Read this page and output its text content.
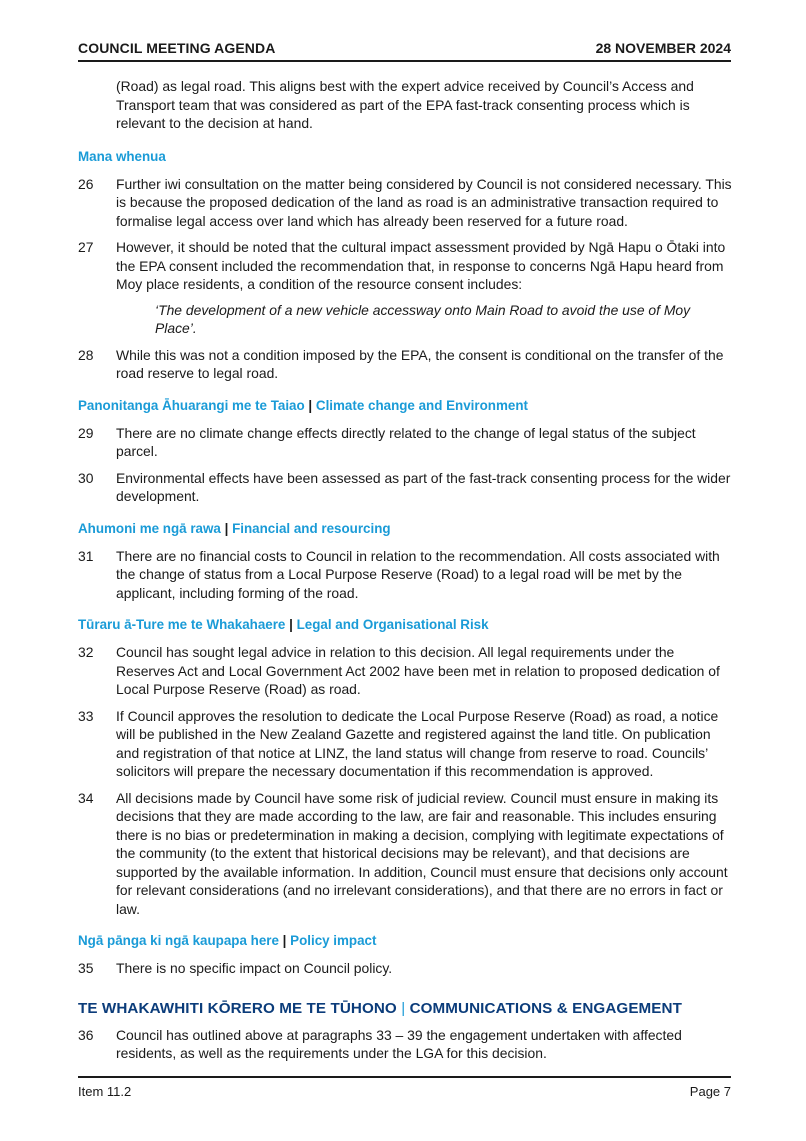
COUNCIL MEETING AGENDA	28 NOVEMBER 2024
(Road) as legal road. This aligns best with the expert advice received by Council’s Access and Transport team that was considered as part of the EPA fast-track consenting process which is relevant to the decision at hand.
Mana whenua
26 Further iwi consultation on the matter being considered by Council is not considered necessary. This is because the proposed dedication of the land as road is an administrative transaction required to formalise legal access over land which has already been reserved for a future road.
27 However, it should be noted that the cultural impact assessment provided by Ngā Hapu o Ōtaki into the EPA consent included the recommendation that, in response to concerns Ngā Hapu heard from Moy place residents, a condition of the resource consent includes:
‘The development of a new vehicle accessway onto Main Road to avoid the use of Moy Place’.
28 While this was not a condition imposed by the EPA, the consent is conditional on the transfer of the road reserve to legal road.
Panonitanga Āhuarangi me te Taiao | Climate change and Environment
29 There are no climate change effects directly related to the change of legal status of the subject parcel.
30 Environmental effects have been assessed as part of the fast-track consenting process for the wider development.
Ahumoni me ngā rawa | Financial and resourcing
31 There are no financial costs to Council in relation to the recommendation. All costs associated with the change of status from a Local Purpose Reserve (Road) to a legal road will be met by the applicant, including forming of the road.
Tūraru ā-Ture me te Whakahaere | Legal and Organisational Risk
32 Council has sought legal advice in relation to this decision. All legal requirements under the Reserves Act and Local Government Act 2002 have been met in relation to proposed dedication of Local Purpose Reserve (Road) as road.
33 If Council approves the resolution to dedicate the Local Purpose Reserve (Road) as road, a notice will be published in the New Zealand Gazette and registered against the land title. On publication and registration of that notice at LINZ, the land status will change from reserve to road. Councils’ solicitors will prepare the necessary documentation if this recommendation is approved.
34 All decisions made by Council have some risk of judicial review. Council must ensure in making its decisions that they are made according to the law, are fair and reasonable. This includes ensuring there is no bias or predetermination in making a decision, complying with legitimate expectations of the community (to the extent that historical decisions may be relevant), and that decisions are supported by the available information. In addition, Council must ensure that decisions only account for relevant considerations (and no irrelevant considerations), and that there are no errors in fact or law.
Ngā pānga ki ngā kaupapa here | Policy impact
35 There is no specific impact on Council policy.
TE WHAKAWHITI KŌRERO ME TE TŪHONO | COMMUNICATIONS & ENGAGEMENT
36 Council has outlined above at paragraphs 33 – 39 the engagement undertaken with affected residents, as well as the requirements under the LGA for this decision.
Item 11.2	Page 7
